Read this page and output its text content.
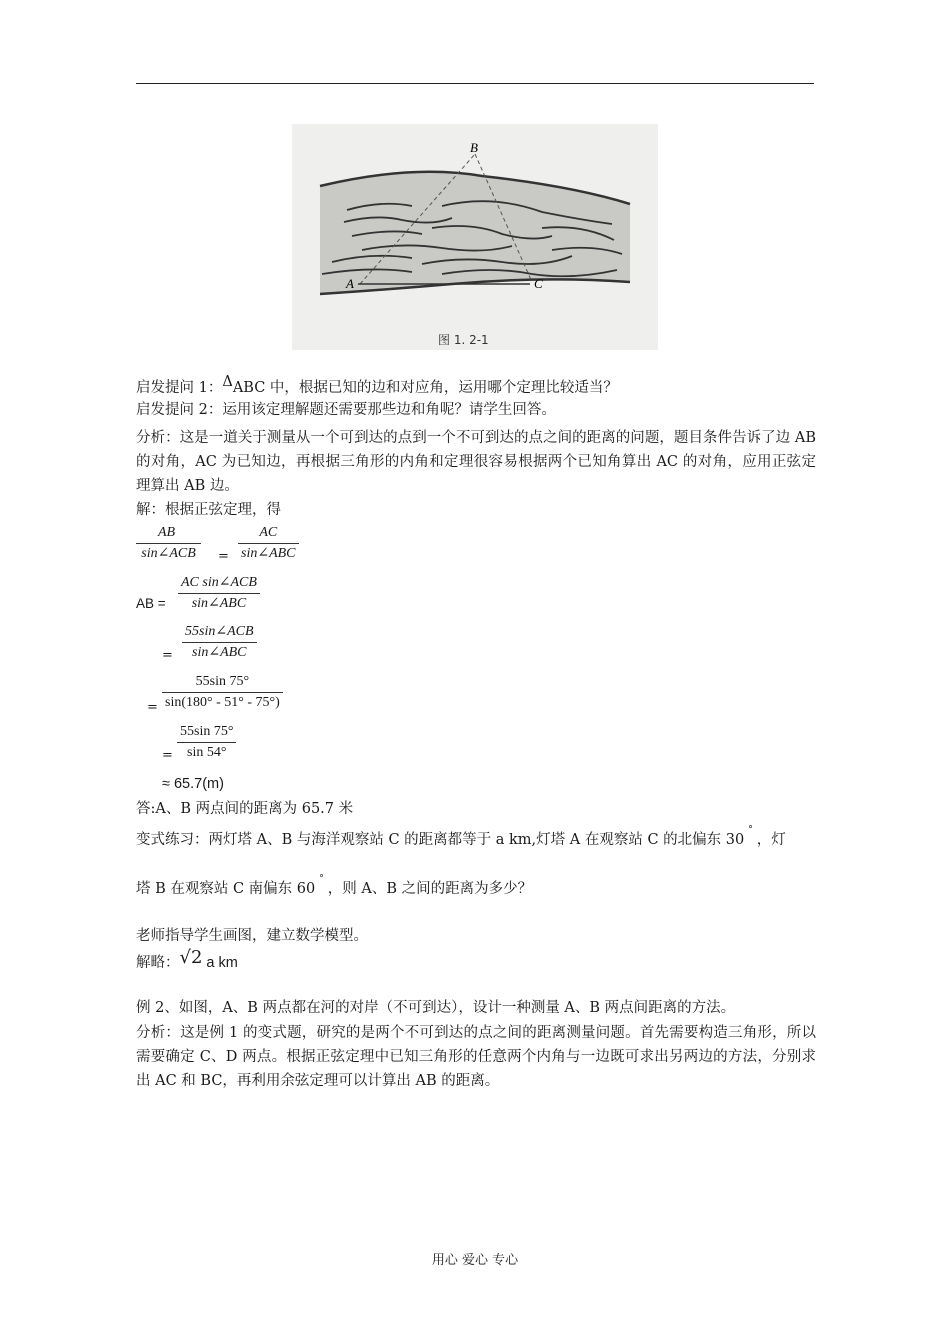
B
A	C
图 1. 2-1
启发提问 1：ΔABC 中，根据已知的边和对应角，运用哪个定理比较适当？
启发提问 2：运用该定理解题还需要那些边和角呢？请学生回答。
分析：这是一道关于测量从一个可到达的点到一个不可到达的点之间的距离的问题，题目条件告诉了边 AB 的对角，AC 为已知边，再根据三角形的内角和定理很容易根据两个已知角算出 AC 的对角，应用正弦定理算出 AB 边。
解：根据正弦定理，得
AB
sin∠ACB	=
AC
sin∠ABC
AB =
AC sin∠ACB
sin∠ABC
=
55sin∠ACB
sin∠ABC
= $\frac{55\sin 75^\circ}{\sin(180^\circ - 51^\circ - 75^\circ)}$
= $\frac{55\sin 75^\circ}{\sin 54^\circ}$
≈ 65.7(m)
答:A、B 两点间的距离为 65.7 米
变式练习：两灯塔 A、B 与海洋观察站 C 的距离都等于 a km,灯塔 A 在观察站 C 的北偏东 30°，灯
塔 B 在观察站 C 南偏东 60°，则 A、B 之间的距离为多少？
老师指导学生画图，建立数学模型。
解略：√2 a km
例 2、如图，A、B 两点都在河的对岸（不可到达），设计一种测量 A、B 两点间距离的方法。
分析：这是例 1 的变式题，研究的是两个不可到达的点之间的距离测量问题。首先需要构造三角形，所以需要确定 C、D 两点。根据正弦定理中已知三角形的任意两个内角与一边既可求出另两边的方法，分别求出 AC 和 BC，再利用余弦定理可以计算出 AB 的距离。
用心 爱心 专心
